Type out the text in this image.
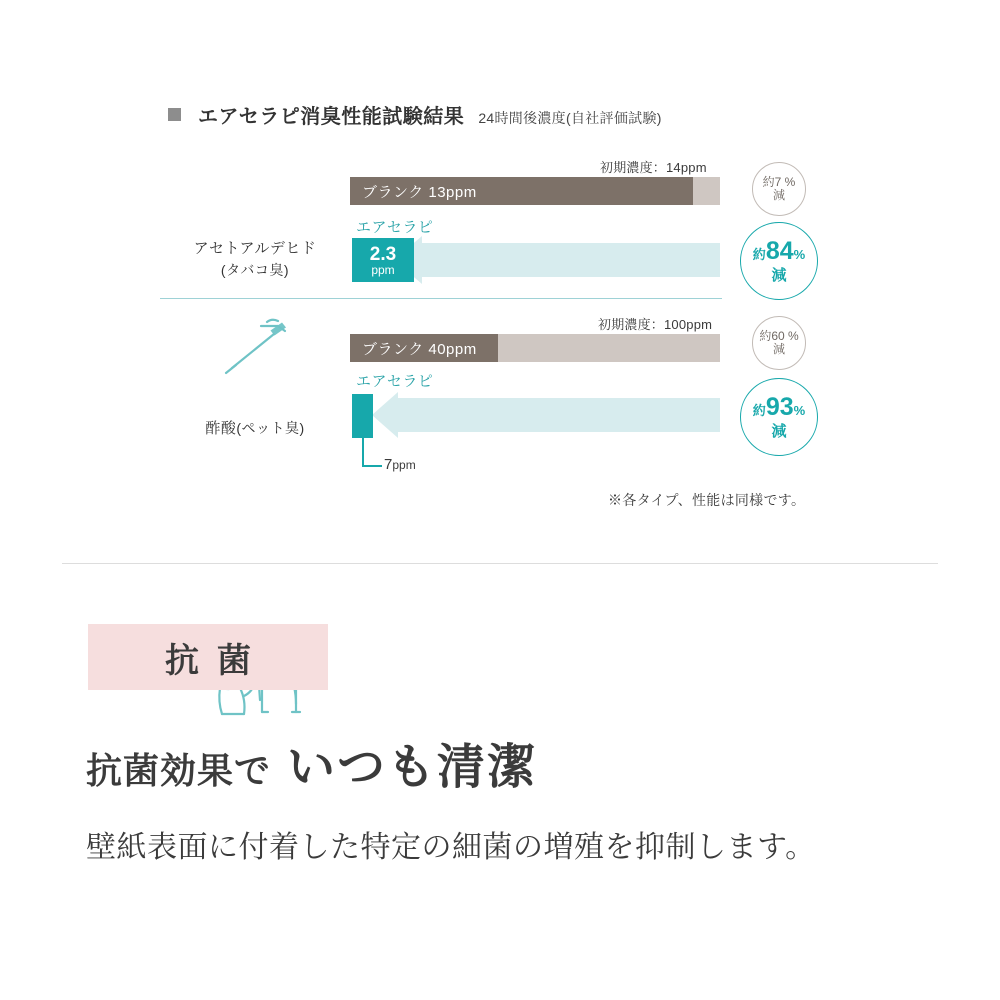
エアセラピ消臭性能試験結果 24時間後濃度(自社評価試験)
初期濃度：14ppm
ブランク 13ppm
エアセラピ
2.3
ppm
アセトアルデヒド
(タバコ臭)
約7 %
減
約84%
減
初期濃度：100ppm
ブランク 40ppm
エアセラピ
7ppm
酢酸(ペット臭)
約60 %
減
約93%
減
※各タイプ、性能は同様です。
抗菌
抗菌効果で いつも清潔
壁紙表面に付着した特定の細菌の増殖を抑制します。
